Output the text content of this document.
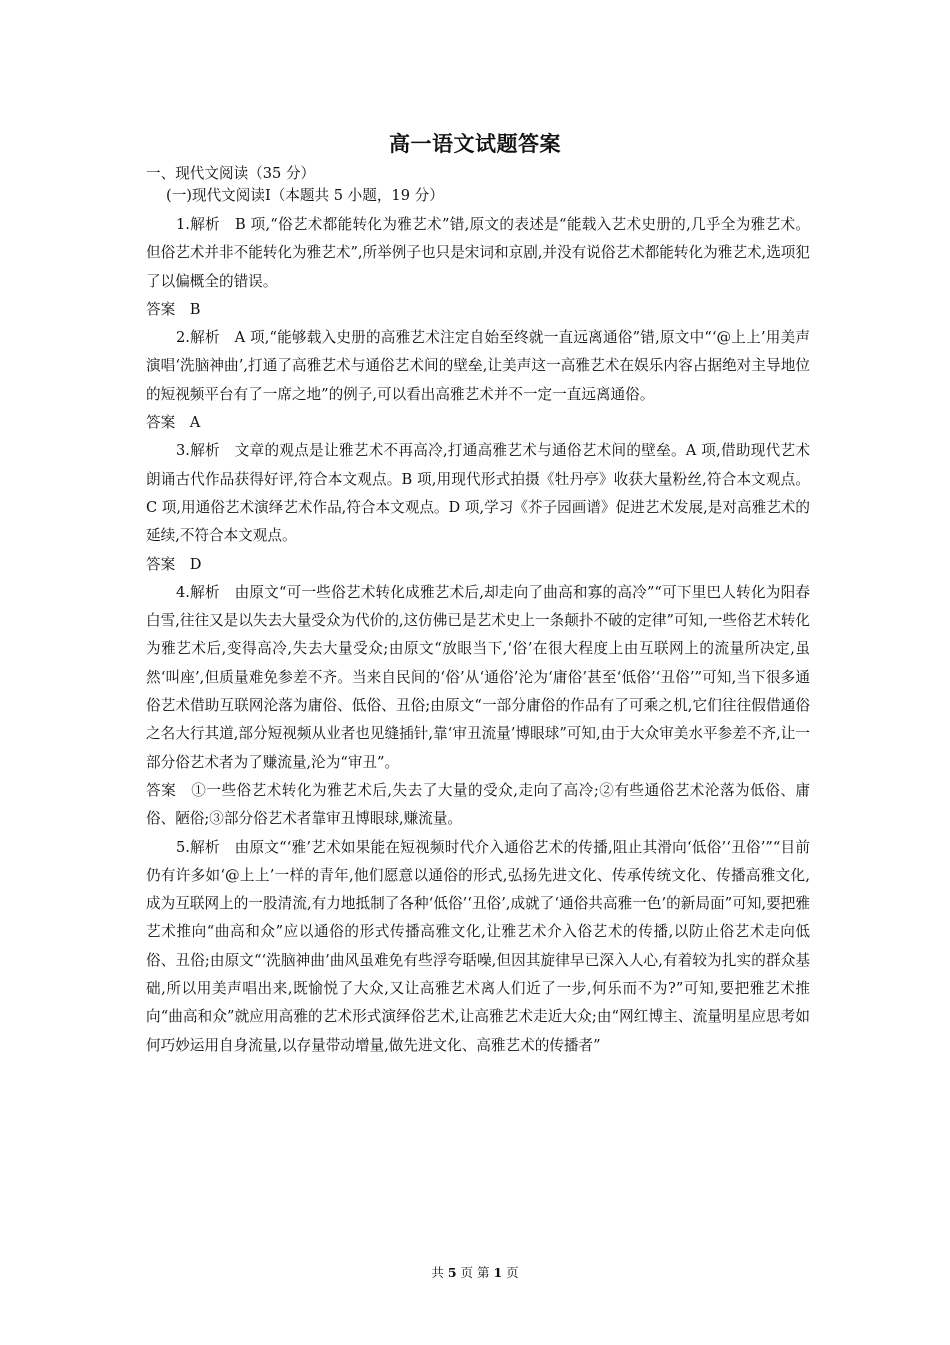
高一语文试题答案

一、现代文阅读（35 分）

(一)现代文阅读Ⅰ（本题共 5 小题，19 分）

1.解析　B 项,“俗艺术都能转化为雅艺术”错,原文的表述是“能载入艺术史册的,几乎全为雅艺术。但俗艺术并非不能转化为雅艺术”,所举例子也只是宋词和京剧,并没有说俗艺术都能转化为雅艺术,选项犯了以偏概全的错误。

答案　B

2.解析　A 项,“能够载入史册的高雅艺术注定自始至终就一直远离通俗”错,原文中“‘@上上’用美声演唱‘洗脑神曲’,打通了高雅艺术与通俗艺术间的壁垒,让美声这一高雅艺术在娱乐内容占据绝对主导地位的短视频平台有了一席之地”的例子,可以看出高雅艺术并不一定一直远离通俗。

答案　A

3.解析　文章的观点是让雅艺术不再高冷,打通高雅艺术与通俗艺术间的壁垒。A 项,借助现代艺术朗诵古代作品获得好评,符合本文观点。B 项,用现代形式拍摄《牡丹亭》收获大量粉丝,符合本文观点。C 项,用通俗艺术演绎艺术作品,符合本文观点。D 项,学习《芥子园画谱》促进艺术发展,是对高雅艺术的延续,不符合本文观点。

答案　D

4.解析　由原文“可一些俗艺术转化成雅艺术后,却走向了曲高和寡的高冷”“可下里巴人转化为阳春白雪,往往又是以失去大量受众为代价的,这仿佛已是艺术史上一条颠扑不破的定律”可知,一些俗艺术转化为雅艺术后,变得高冷,失去大量受众;由原文“放眼当下,‘俗’在很大程度上由互联网上的流量所决定,虽然‘叫座’,但质量难免参差不齐。当来自民间的‘俗’从‘通俗’沦为‘庸俗’甚至‘低俗’‘丑俗’”可知,当下很多通俗艺术借助互联网沦落为庸俗、低俗、丑俗;由原文“一部分庸俗的作品有了可乘之机,它们往往假借通俗之名大行其道,部分短视频从业者也见缝插针,靠‘审丑流量’博眼球”可知,由于大众审美水平参差不齐,让一部分俗艺术者为了赚流量,沦为“审丑”。

答案　①一些俗艺术转化为雅艺术后,失去了大量的受众,走向了高冷;②有些通俗艺术沦落为低俗、庸俗、陋俗;③部分俗艺术者靠审丑博眼球,赚流量。

5.解析　由原文“‘雅’艺术如果能在短视频时代介入通俗艺术的传播,阻止其滑向‘低俗’‘丑俗’”“目前仍有许多如‘@上上’一样的青年,他们愿意以通俗的形式,弘扬先进文化、传承传统文化、传播高雅文化,成为互联网上的一股清流,有力地抵制了各种‘低俗’‘丑俗’,成就了‘通俗共高雅一色’的新局面”可知,要把雅艺术推向“曲高和众”应以通俗的形式传播高雅文化,让雅艺术介入俗艺术的传播,以防止俗艺术走向低俗、丑俗;由原文“‘洗脑神曲’曲风虽难免有些浮夸聒噪,但因其旋律早已深入人心,有着较为扎实的群众基础,所以用美声唱出来,既愉悦了大众,又让高雅艺术离人们近了一步,何乐而不为?”可知,要把雅艺术推向“曲高和众”就应用高雅的艺术形式演绎俗艺术,让高雅艺术走近大众;由“网红博主、流量明星应思考如何巧妙运用自身流量,以存量带动增量,做先进文化、高雅艺术的传播者”

共 5 页 第 1 页
